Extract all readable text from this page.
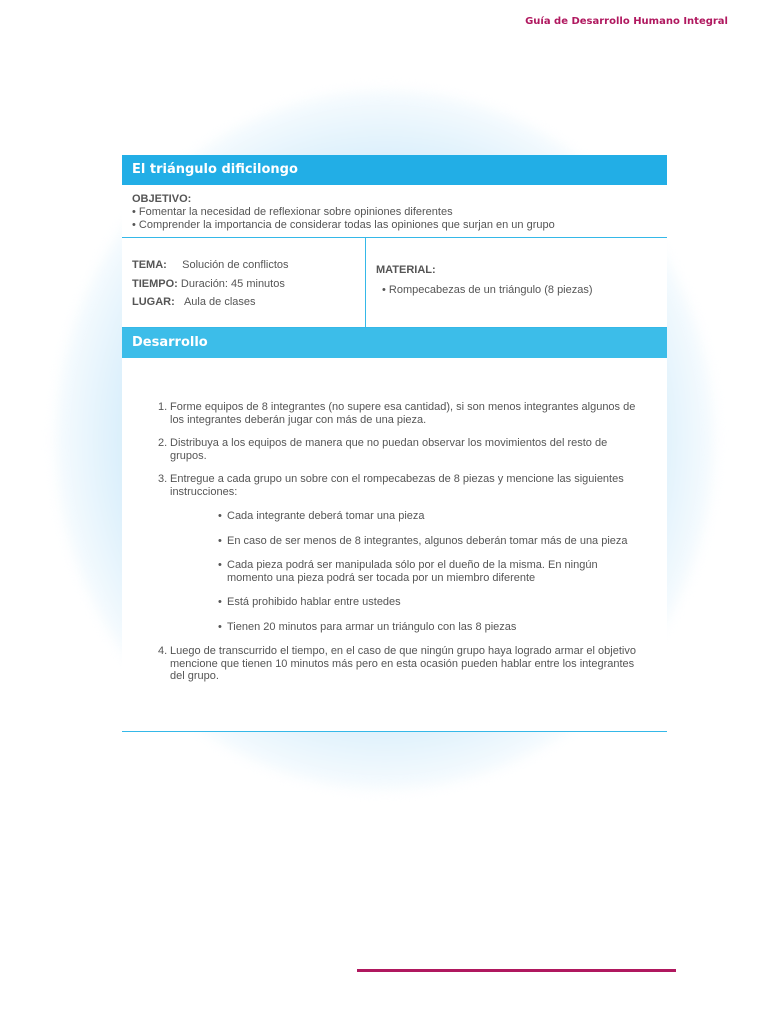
Guía de Desarrollo Humano Integral
El triángulo dificilongo
OBJETIVO:
• Fomentar la necesidad de reflexionar sobre opiniones diferentes
• Comprender la importancia de considerar todas las opiniones que surjan en un grupo
TEMA: Solución de conflictos
TIEMPO: Duración: 45 minutos
LUGAR: Aula de clases
MATERIAL:
• Rompecabezas de un triángulo (8 piezas)
Desarrollo
1. Forme equipos de 8 integrantes (no supere esa cantidad), si son menos integrantes algunos de los integrantes deberán jugar con más de una pieza.
2. Distribuya a los equipos de manera que no puedan observar los movimientos del resto de grupos.
3. Entregue a cada grupo un sobre con el rompecabezas de 8 piezas y mencione las siguientes instrucciones:
• Cada integrante deberá tomar una pieza
• En caso de ser menos de 8 integrantes, algunos deberán tomar más de una pieza
• Cada pieza podrá ser manipulada sólo por el dueño de la misma. En ningún momento una pieza podrá ser tocada por un miembro diferente
• Está prohibido hablar entre ustedes
• Tienen 20 minutos para armar un triángulo con las 8 piezas
4. Luego de transcurrido el tiempo, en el caso de que ningún grupo haya logrado armar el objetivo mencione que tienen 10 minutos más pero en esta ocasión pueden hablar entre los integrantes del grupo.
